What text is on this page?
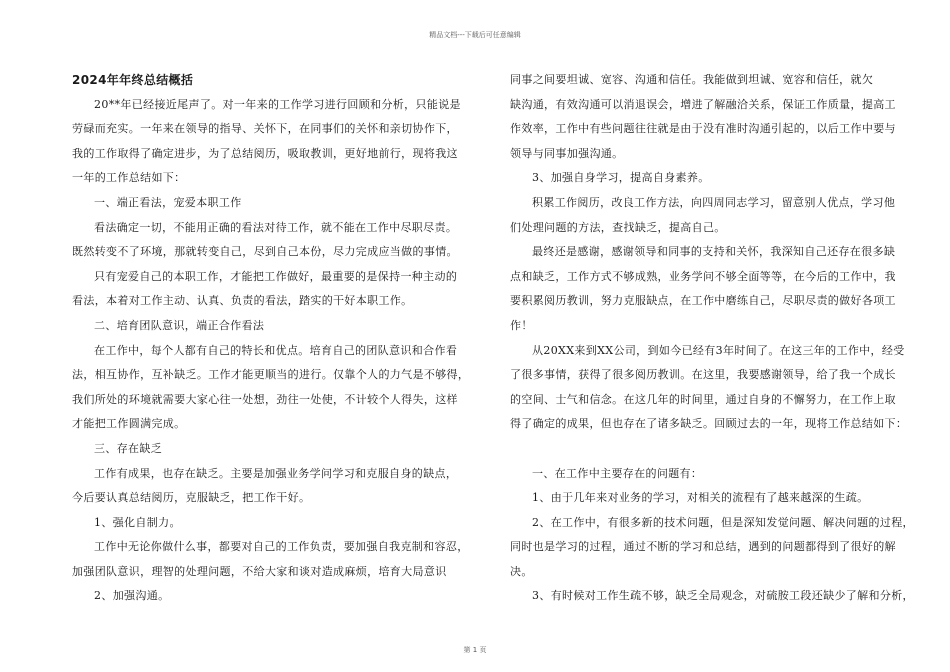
精品文档---下载后可任意编辑

2024年年终总结概括

20**年已经接近尾声了。对一年来的工作学习进行回顾和分析，只能说是

劳碌而充实。一年来在领导的指导、关怀下，在同事们的关怀和亲切协作下，

我的工作取得了确定进步，为了总结阅历，吸取教训，更好地前行，现将我这

一年的工作总结如下：

一、端正看法，宠爱本职工作

看法确定一切，不能用正确的看法对待工作，就不能在工作中尽职尽责。

既然转变不了环境，那就转变自己，尽到自己本份，尽力完成应当做的事情。

只有宠爱自己的本职工作，才能把工作做好，最重要的是保持一种主动的

看法，本着对工作主动、认真、负责的看法，踏实的干好本职工作。

二、培育团队意识，端正合作看法

在工作中，每个人都有自己的特长和优点。培育自己的团队意识和合作看

法，相互协作，互补缺乏。工作才能更顺当的进行。仅靠个人的力气是不够得，

我们所处的环境就需要大家心往一处想，劲往一处使，不计较个人得失，这样

才能把工作圆满完成。

三、存在缺乏

工作有成果，也存在缺乏。主要是加强业务学问学习和克服自身的缺点，

今后要认真总结阅历，克服缺乏，把工作干好。

1、强化自制力。

工作中无论你做什么事，都要对自己的工作负责，要加强自我克制和容忍，

加强团队意识，理智的处理问题，不给大家和谈对造成麻烦，培育大局意识

2、加强沟通。

同事之间要坦诚、宽容、沟通和信任。我能做到坦诚、宽容和信任，就欠

缺沟通，有效沟通可以消退误会，增进了解融洽关系，保证工作质量，提高工

作效率，工作中有些问题往往就是由于没有准时沟通引起的，以后工作中要与

领导与同事加强沟通。

3、加强自身学习，提高自身素养。

积累工作阅历，改良工作方法，向四周同志学习，留意别人优点，学习他

们处理问题的方法，查找缺乏，提高自己。

最终还是感谢，感谢领导和同事的支持和关怀，我深知自己还存在很多缺

点和缺乏，工作方式不够成熟，业务学问不够全面等等，在今后的工作中，我

要积累阅历教训，努力克服缺点，在工作中磨练自己，尽职尽责的做好各项工

作！

从20XX来到XX公司，到如今已经有3年时间了。在这三年的工作中，经受

了很多事情，获得了很多阅历教训。在这里，我要感谢领导，给了我一个成长

的空间、士气和信念。在这几年的时间里，通过自身的不懈努力，在工作上取

得了确定的成果，但也存在了诸多缺乏。回顾过去的一年，现将工作总结如下：

一、在工作中主要存在的问题有：

1、由于几年来对业务的学习，对相关的流程有了越来越深的生疏。

2、在工作中，有很多新的技术问题，但是深知发觉问题、解决问题的过程，

同时也是学习的过程，通过不断的学习和总结，遇到的问题都得到了很好的解

决。

3、有时候对工作生疏不够，缺乏全局观念，对硫胺工段还缺少了解和分析，

第 1 页
